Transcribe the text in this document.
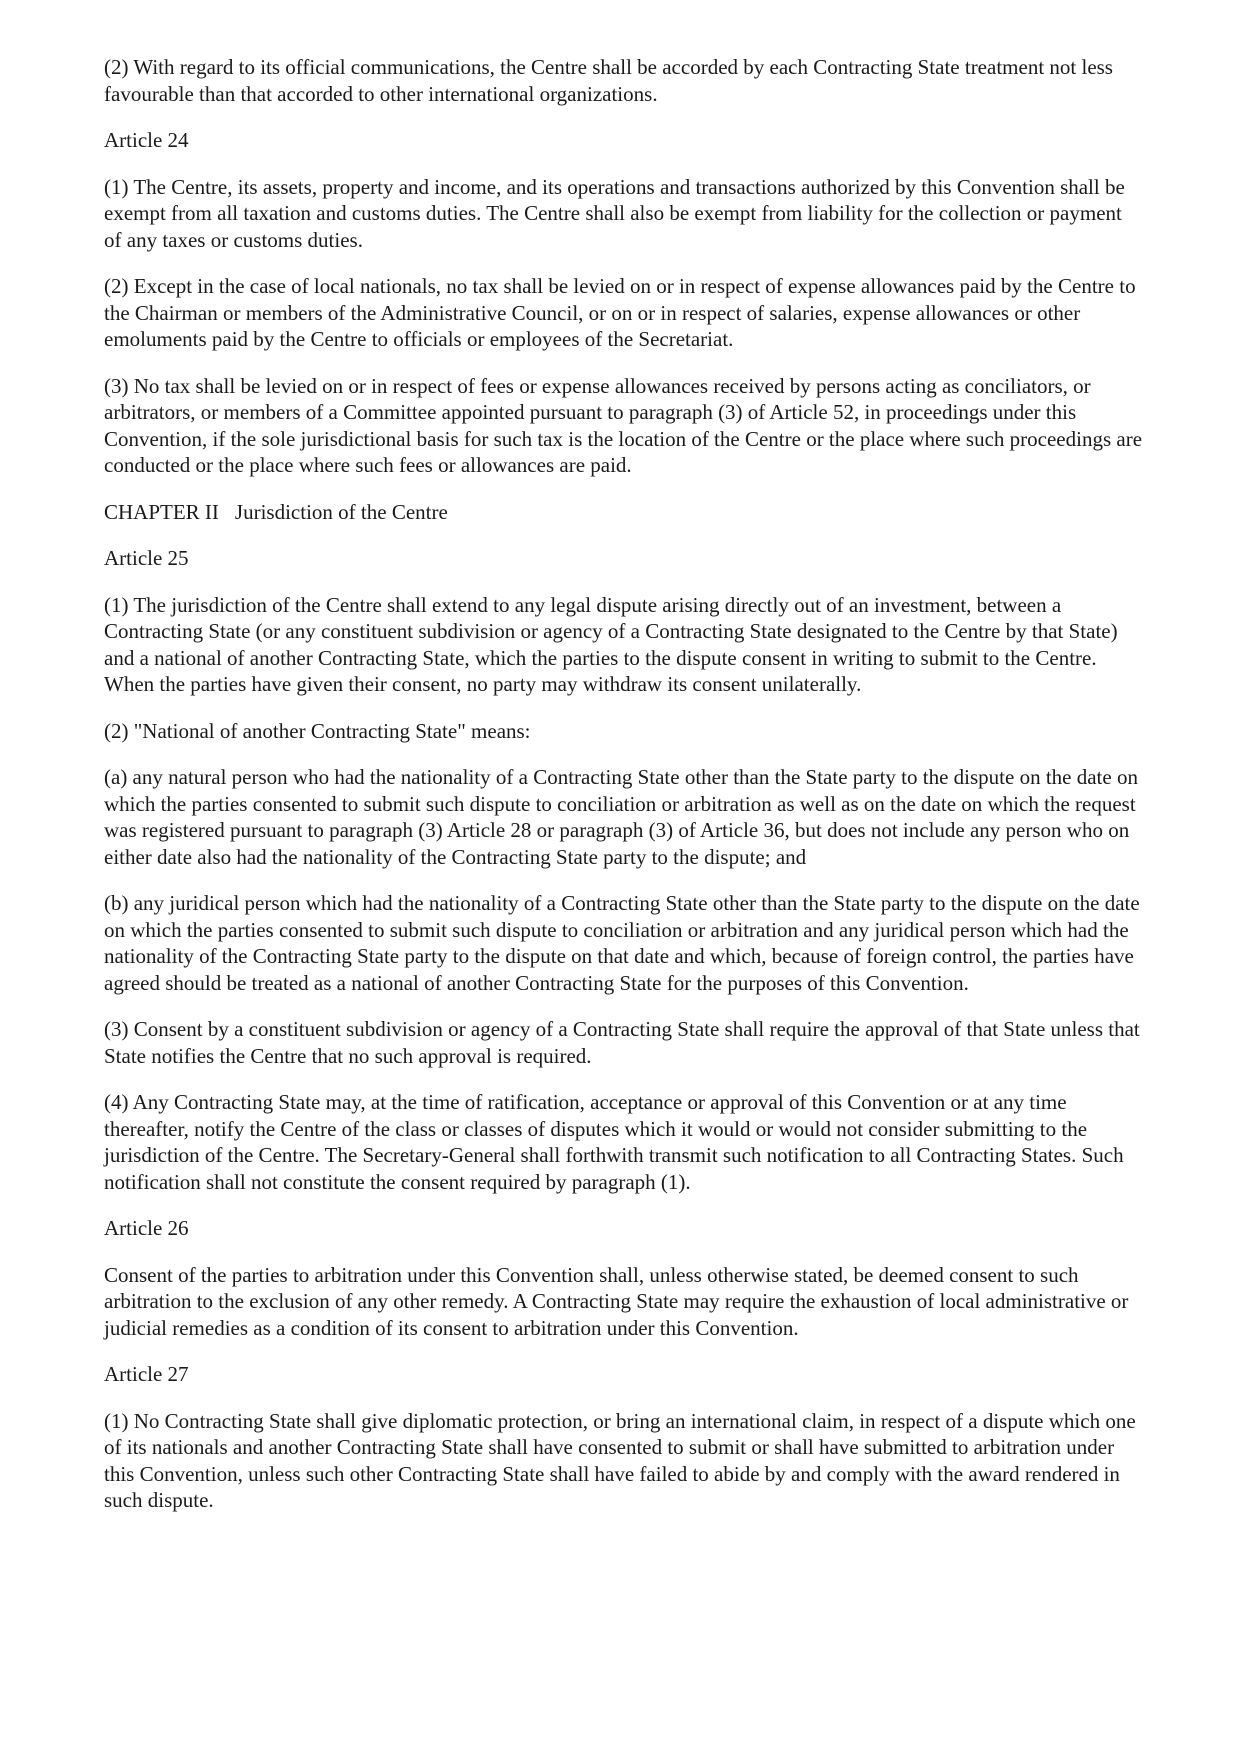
(2) With regard to its official communications, the Centre shall be accorded by each Contracting State treatment not less favourable than that accorded to other international organizations.

Article 24

(1) The Centre, its assets, property and income, and its operations and transactions authorized by this Convention shall be exempt from all taxation and customs duties. The Centre shall also be exempt from liability for the collection or payment of any taxes or customs duties.

(2) Except in the case of local nationals, no tax shall be levied on or in respect of expense allowances paid by the Centre to the Chairman or members of the Administrative Council, or on or in respect of salaries, expense allowances or other emoluments paid by the Centre to officials or employees of the Secretariat.

(3) No tax shall be levied on or in respect of fees or expense allowances received by persons acting as conciliators, or arbitrators, or members of a Committee appointed pursuant to paragraph (3) of Article 52, in proceedings under this Convention, if the sole jurisdictional basis for such tax is the location of the Centre or the place where such proceedings are conducted or the place where such fees or allowances are paid.

CHAPTER II Jurisdiction of the Centre

Article 25

(1) The jurisdiction of the Centre shall extend to any legal dispute arising directly out of an investment, between a Contracting State (or any constituent subdivision or agency of a Contracting State designated to the Centre by that State) and a national of another Contracting State, which the parties to the dispute consent in writing to submit to the Centre. When the parties have given their consent, no party may withdraw its consent unilaterally.

(2) "National of another Contracting State" means:

(a) any natural person who had the nationality of a Contracting State other than the State party to the dispute on the date on which the parties consented to submit such dispute to conciliation or arbitration as well as on the date on which the request was registered pursuant to paragraph (3) Article 28 or paragraph (3) of Article 36, but does not include any person who on either date also had the nationality of the Contracting State party to the dispute; and

(b) any juridical person which had the nationality of a Contracting State other than the State party to the dispute on the date on which the parties consented to submit such dispute to conciliation or arbitration and any juridical person which had the nationality of the Contracting State party to the dispute on that date and which, because of foreign control, the parties have agreed should be treated as a national of another Contracting State for the purposes of this Convention.

(3) Consent by a constituent subdivision or agency of a Contracting State shall require the approval of that State unless that State notifies the Centre that no such approval is required.

(4) Any Contracting State may, at the time of ratification, acceptance or approval of this Convention or at any time thereafter, notify the Centre of the class or classes of disputes which it would or would not consider submitting to the jurisdiction of the Centre. The Secretary-General shall forthwith transmit such notification to all Contracting States. Such notification shall not constitute the consent required by paragraph (1).

Article 26

Consent of the parties to arbitration under this Convention shall, unless otherwise stated, be deemed consent to such arbitration to the exclusion of any other remedy. A Contracting State may require the exhaustion of local administrative or judicial remedies as a condition of its consent to arbitration under this Convention.

Article 27

(1) No Contracting State shall give diplomatic protection, or bring an international claim, in respect of a dispute which one of its nationals and another Contracting State shall have consented to submit or shall have submitted to arbitration under this Convention, unless such other Contracting State shall have failed to abide by and comply with the award rendered in such dispute.
